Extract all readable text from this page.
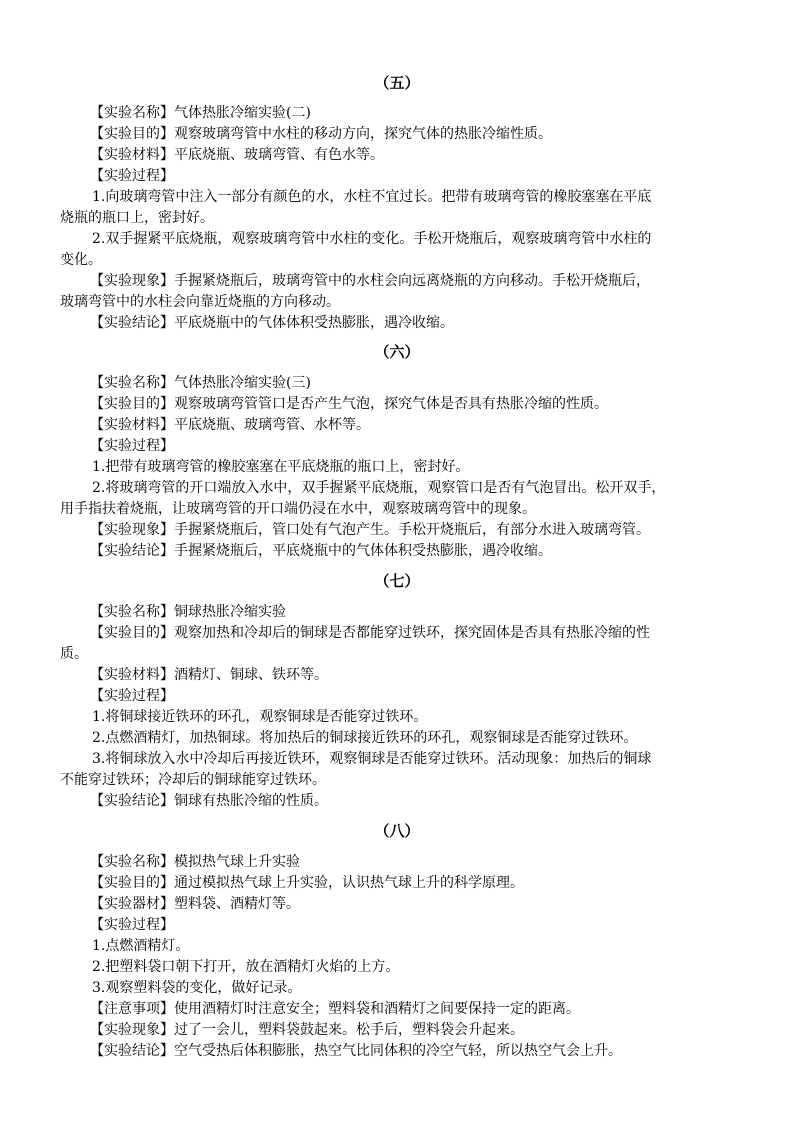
（五）
【实验名称】气体热胀冷缩实验(二)
【实验目的】观察玻璃弯管中水柱的移动方向，探究气体的热胀冷缩性质。
【实验材料】平底烧瓶、玻璃弯管、有色水等。
【实验过程】
1.向玻璃弯管中注入一部分有颜色的水，水柱不宜过长。把带有玻璃弯管的橡胶塞塞在平底
烧瓶的瓶口上，密封好。
2.双手握紧平底烧瓶，观察玻璃弯管中水柱的变化。手松开烧瓶后，观察玻璃弯管中水柱的
变化。
【实验现象】手握紧烧瓶后，玻璃弯管中的水柱会向远离烧瓶的方向移动。手松开烧瓶后，
玻璃弯管中的水柱会向靠近烧瓶的方向移动。
【实验结论】平底烧瓶中的气体体积受热膨胀，遇冷收缩。
（六）
【实验名称】气体热胀冷缩实验(三)
【实验目的】观察玻璃弯管管口是否产生气泡，探究气体是否具有热胀冷缩的性质。
【实验材料】平底烧瓶、玻璃弯管、水杯等。
【实验过程】
1.把带有玻璃弯管的橡胶塞塞在平底烧瓶的瓶口上，密封好。
2.将玻璃弯管的开口端放入水中，双手握紧平底烧瓶，观察管口是否有气泡冒出。松开双手，
用手指扶着烧瓶，让玻璃弯管的开口端仍浸在水中，观察玻璃弯管中的现象。
【实验现象】手握紧烧瓶后，管口处有气泡产生。手松开烧瓶后，有部分水进入玻璃弯管。
【实验结论】手握紧烧瓶后，平底烧瓶中的气体体积受热膨胀，遇冷收缩。
（七）
【实验名称】铜球热胀冷缩实验
【实验目的】观察加热和冷却后的铜球是否都能穿过铁环，探究固体是否具有热胀冷缩的性
质。
【实验材料】酒精灯、铜球、铁环等。
【实验过程】
1.将铜球接近铁环的环孔，观察铜球是否能穿过铁环。
2.点燃酒精灯，加热铜球。将加热后的铜球接近铁环的环孔，观察铜球是否能穿过铁环。
3.将铜球放入水中冷却后再接近铁环，观察铜球是否能穿过铁环。活动现象：加热后的铜球
不能穿过铁环；冷却后的铜球能穿过铁环。
【实验结论】铜球有热胀冷缩的性质。
（八）
【实验名称】模拟热气球上升实验
【实验目的】通过模拟热气球上升实验，认识热气球上升的科学原理。
【实验器材】塑料袋、酒精灯等。
【实验过程】
1.点燃酒精灯。
2.把塑料袋口朝下打开，放在酒精灯火焰的上方。
3.观察塑料袋的变化，做好记录。
【注意事项】使用酒精灯时注意安全；塑料袋和酒精灯之间要保持一定的距离。
【实验现象】过了一会儿，塑料袋鼓起来。松手后，塑料袋会升起来。
【实验结论】空气受热后体积膨胀，热空气比同体积的冷空气轻，所以热空气会上升。
